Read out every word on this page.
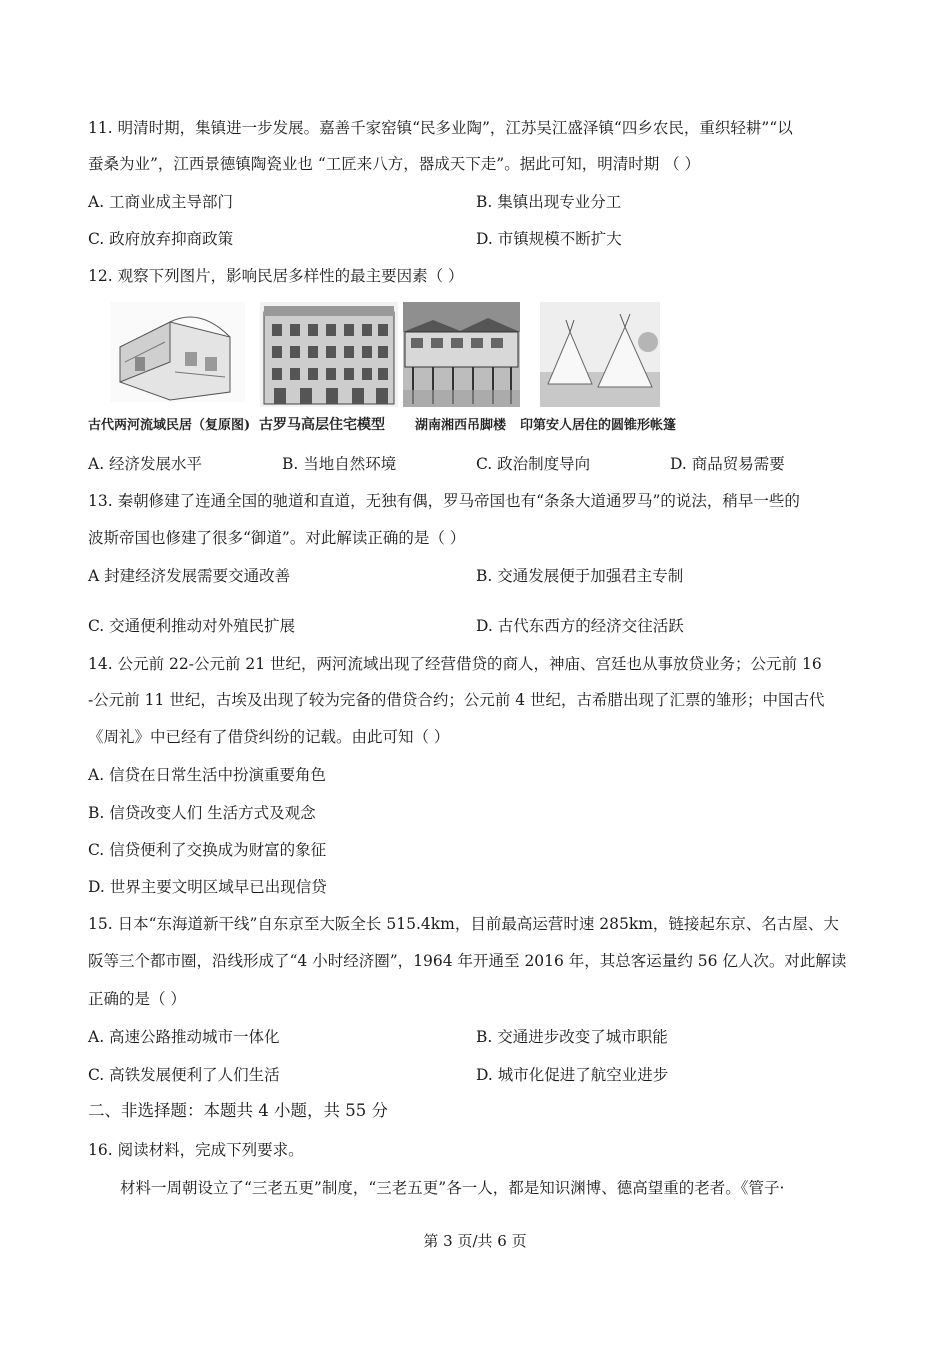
11. 明清时期，集镇进一步发展。嘉善千家窑镇“民多业陶”，江苏吴江盛泽镇“四乡农民，重织轻耕”“以
蚕桑为业”，江西景德镇陶瓷业也 “工匠来八方，器成天下走”。据此可知，明清时期 （ ）
A. 工商业成主导部门	B. 集镇出现专业分工
C. 政府放弃抑商政策	D. 市镇规模不断扩大
12. 观察下列图片，影响民居多样性的最主要因素（ ）
古代两河流域民居（复原图) 古罗马高层住宅模型 湖南湘西吊脚楼 印第安人居住的圆锥形帐篷
A. 经济发展水平	B. 当地自然环境	C. 政治制度导向	D. 商品贸易需要
13. 秦朝修建了连通全国的驰道和直道，无独有偶，罗马帝国也有“条条大道通罗马”的说法，稍早一些的
波斯帝国也修建了很多“御道”。对此解读正确的是（ ）
A 封建经济发展需要交通改善	B. 交通发展便于加强君主专制
C. 交通便利推动对外殖民扩展	D. 古代东西方的经济交往活跃
14. 公元前 22-公元前 21 世纪，两河流域出现了经营借贷的商人，神庙、宫廷也从事放贷业务；公元前 16
-公元前 11 世纪，古埃及出现了较为完备的借贷合约；公元前 4 世纪，古希腊出现了汇票的雏形；中国古代
《周礼》中已经有了借贷纠纷的记载。由此可知（ ）
A. 信贷在日常生活中扮演重要角色
B. 信贷改变人们 生活方式及观念
C. 信贷便利了交换成为财富的象征
D. 世界主要文明区域早已出现信贷
15. 日本“东海道新干线”自东京至大阪全长 515.4km，目前最高运营时速 285km，链接起东京、名古屋、大
阪等三个都市圈，沿线形成了“4 小时经济圈”，1964 年开通至 2016 年，其总客运量约 56 亿人次。对此解读
正确的是（ ）
A. 高速公路推动城市一体化	B. 交通进步改变了城市职能
C. 高铁发展便利了人们生活	D. 城市化促进了航空业进步
二、非选择题：本题共 4 小题，共 55 分
16. 阅读材料，完成下列要求。
材料一周朝设立了“三老五更”制度，“三老五更”各一人，都是知识渊博、德高望重的老者。《管子·
第 3 页/共 6 页
